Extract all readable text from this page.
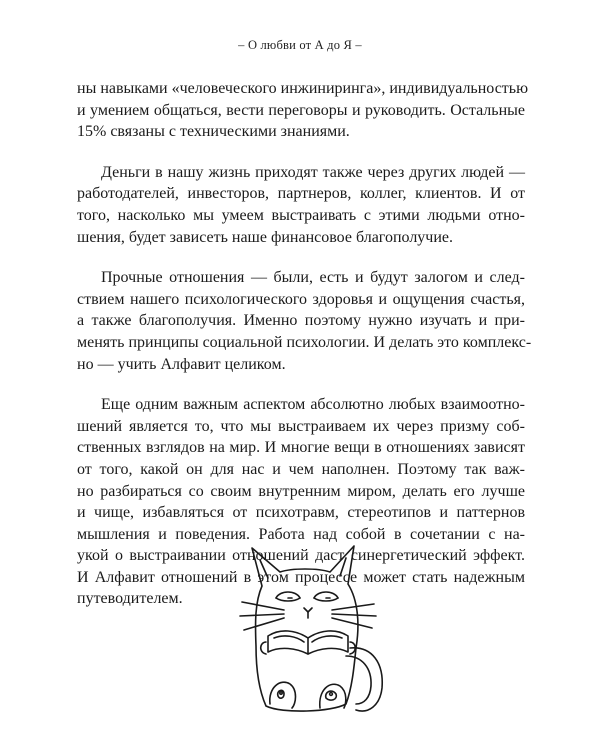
– О любви от А до Я –

ны навыками «человеческого инжиниринга», индивидуальностью
и умением общаться, вести переговоры и руководить. Остальные
15% связаны с техническими знаниями.

Деньги в нашу жизнь приходят также через других людей —
работодателей, инвесторов, партнеров, коллег, клиентов. И от
того, насколько мы умеем выстраивать с этими людьми отно-
шения, будет зависеть наше финансовое благополучие.

Прочные отношения — были, есть и будут залогом и след-
ствием нашего психологического здоровья и ощущения счастья,
а также благополучия. Именно поэтому нужно изучать и при-
менять принципы социальной психологии. И делать это комплекс-
но — учить Алфавит целиком.

Еще одним важным аспектом абсолютно любых взаимоотно-
шений является то, что мы выстраиваем их через призму соб-
ственных взглядов на мир. И многие вещи в отношениях зависят
от того, какой он для нас и чем наполнен. Поэтому так важ-
но разбираться со своим внутренним миром, делать его лучше
и чище, избавляться от психотравм, стереотипов и паттернов
мышления и поведения. Работа над собой в сочетании с на-
укой о выстраивании отношений даст синергетический эффект.
И Алфавит отношений в этом процессе может стать надежным
путеводителем.
